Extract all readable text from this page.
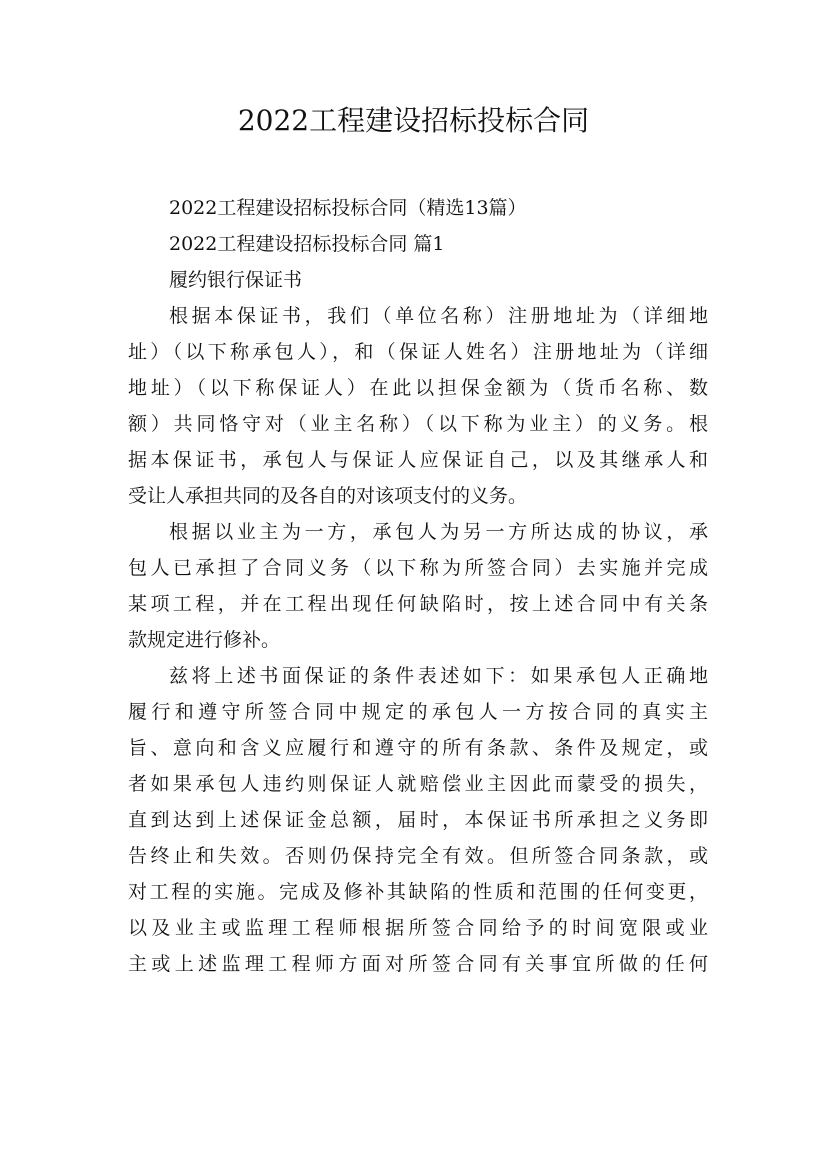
2022工程建设招标投标合同

2022工程建设招标投标合同（精选13篇）

2022工程建设招标投标合同 篇1

履约银行保证书

根据本保证书，我们（单位名称）注册地址为（详细地

址）（以下称承包人），和（保证人姓名）注册地址为（详细

地址）（以下称保证人）在此以担保金额为（货币名称、数

额）共同恪守对（业主名称）（以下称为业主）的义务。根

据本保证书，承包人与保证人应保证自己，以及其继承人和

受让人承担共同的及各自的对该项支付的义务。

根据以业主为一方，承包人为另一方所达成的协议，承

包人已承担了合同义务（以下称为所签合同）去实施并完成

某项工程，并在工程出现任何缺陷时，按上述合同中有关条

款规定进行修补。

兹将上述书面保证的条件表述如下：如果承包人正确地

履行和遵守所签合同中规定的承包人一方按合同的真实主

旨、意向和含义应履行和遵守的所有条款、条件及规定，或

者如果承包人违约则保证人就赔偿业主因此而蒙受的损失，

直到达到上述保证金总额，届时，本保证书所承担之义务即

告终止和失效。否则仍保持完全有效。但所签合同条款，或

对工程的实施。完成及修补其缺陷的性质和范围的任何变更，

以及业主或监理工程师根据所签合同给予的时间宽限或业

主或上述监理工程师方面对所签合同有关事宜所做的任何
